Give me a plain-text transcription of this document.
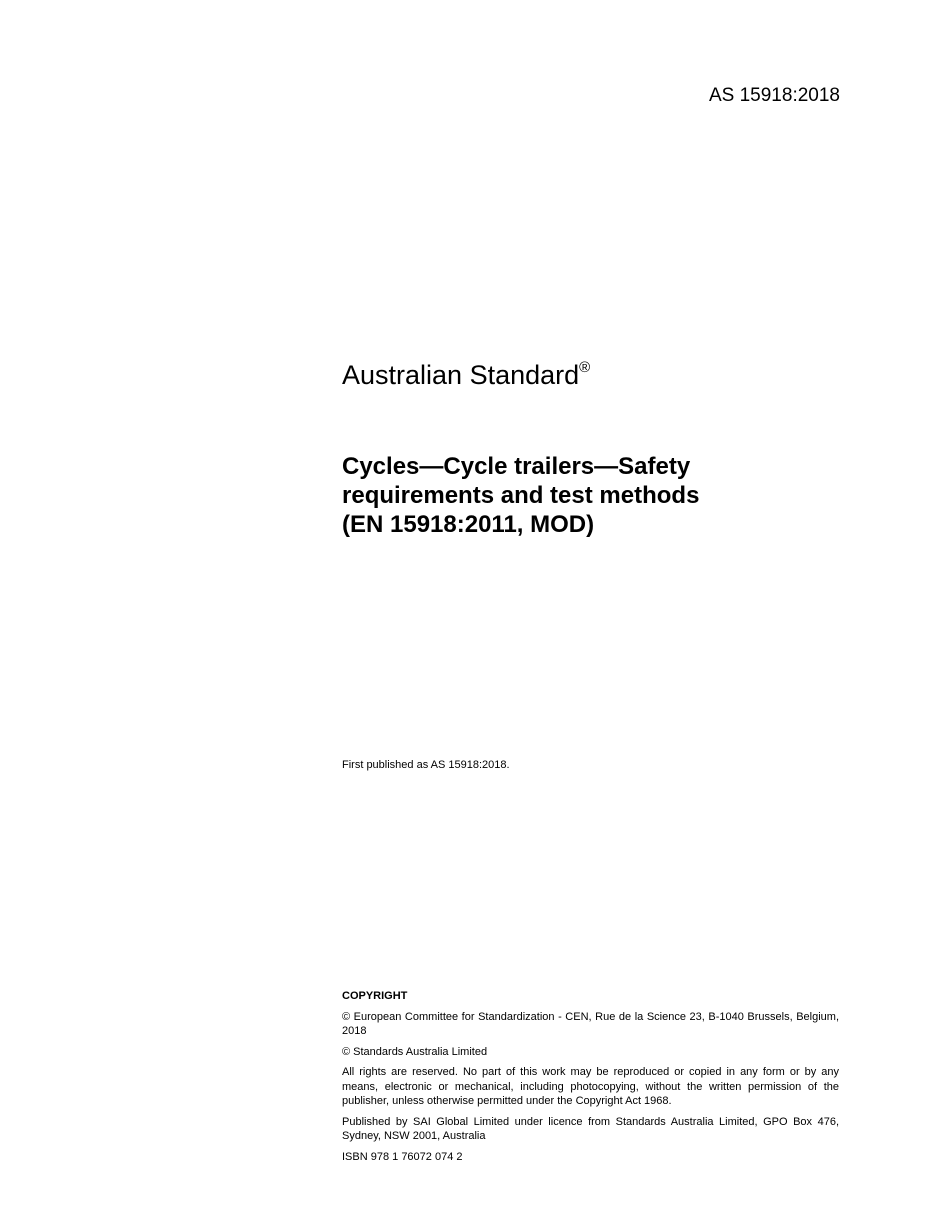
AS 15918:2018
Australian Standard®
Cycles—Cycle trailers—Safety
requirements and test methods
(EN 15918:2011, MOD)
First published as AS 15918:2018.
COPYRIGHT

© European Committee for Standardization - CEN, Rue de la Science 23, B-1040 Brussels, Belgium, 2018

© Standards Australia Limited

All rights are reserved. No part of this work may be reproduced or copied in any form or by any means, electronic or mechanical, including photocopying, without the written permission of the publisher, unless otherwise permitted under the Copyright Act 1968.

Published by SAI Global Limited under licence from Standards Australia Limited, GPO Box 476, Sydney, NSW 2001, Australia

ISBN 978 1 76072 074 2
